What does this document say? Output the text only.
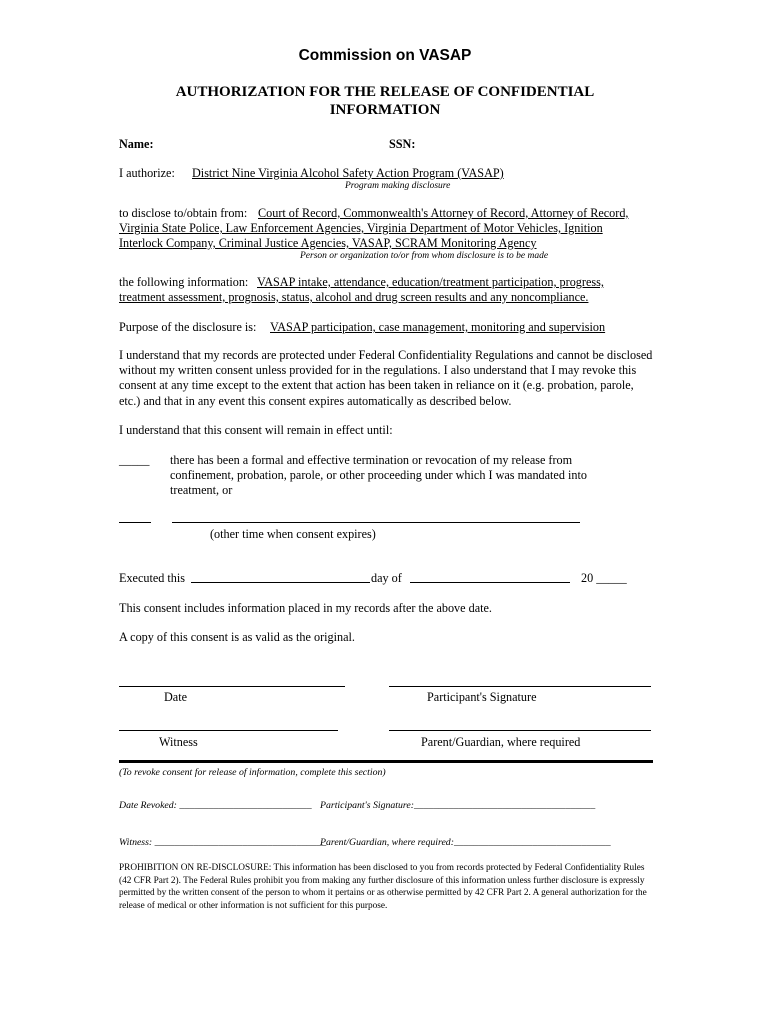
Commission on VASAP
AUTHORIZATION FOR THE RELEASE OF CONFIDENTIAL
INFORMATION
Name:	SSN:
I authorize: District Nine Virginia Alcohol Safety Action Program (VASAP)
Program making disclosure
to disclose to/obtain from: Court of Record, Commonwealth's Attorney of Record, Attorney of Record,
Virginia State Police, Law Enforcement Agencies, Virginia Department of Motor Vehicles, Ignition
Interlock Company, Criminal Justice Agencies, VASAP, SCRAM Monitoring Agency
Person or organization to/or from whom disclosure is to be made
the following information: VASAP intake, attendance, education/treatment participation, progress,
treatment assessment, prognosis, status, alcohol and drug screen results and any noncompliance.
Purpose of the disclosure is: VASAP participation, case management, monitoring and supervision
I understand that my records are protected under Federal Confidentiality Regulations and cannot be disclosed without my written consent unless provided for in the regulations. I also understand that I may revoke this consent at any time except to the extent that action has been taken in reliance on it (e.g. probation, parole, etc.) and that in any event this consent expires automatically as described below.
I understand that this consent will remain in effect until:
_____ there has been a formal and effective termination or revocation of my release from
confinement, probation, parole, or other proceeding under which I was mandated into
treatment, or
(other time when consent expires)
Executed this	day of	20 _____
This consent includes information placed in my records after the above date.
A copy of this consent is as valid as the original.
Date	Participant's Signature
Witness	Parent/Guardian, where required
(To revoke consent for release of information, complete this section)
Date Revoked: ___________________________ Participant's Signature:_____________________________________
Witness: ___________________________________
Parent/Guardian, where required:________________________________
PROHIBITION ON RE-DISCLOSURE: This information has been disclosed to you from records protected by Federal Confidentiality Rules (42 CFR Part 2). The Federal Rules prohibit you from making any further disclosure of this information unless further disclosure is expressly permitted by the written consent of the person to whom it pertains or as otherwise permitted by 42 CFR Part 2. A general authorization for the release of medical or other information is not sufficient for this purpose.
